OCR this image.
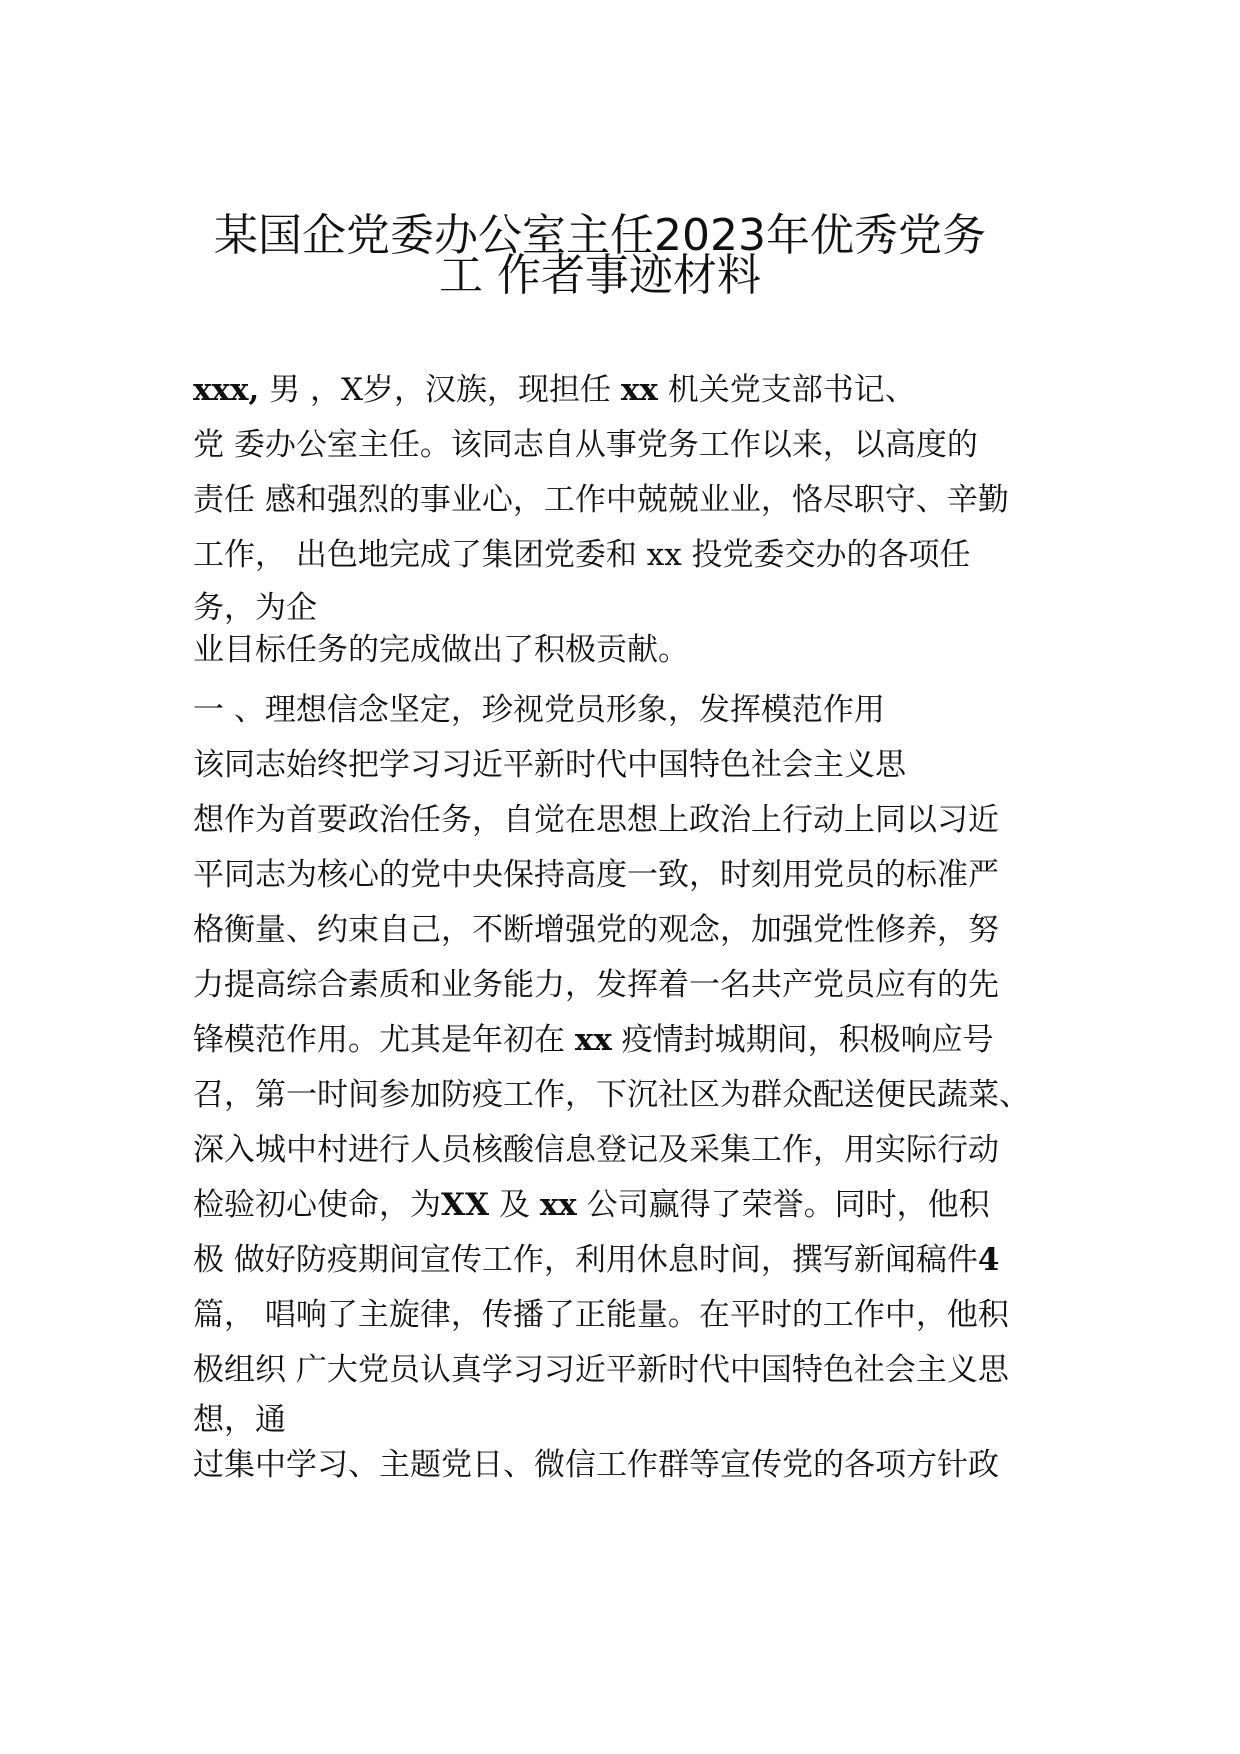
某国企党委办公室主任2023年优秀党务
工 作者事迹材料

xxx, 男 ，X岁，汉族，现担任 xx 机关党支部书记、

党 委办公室主任。该同志自从事党务工作以来，以高度的

责任 感和强烈的事业心，工作中兢兢业业，恪尽职守、辛勤

工作， 出色地完成了集团党委和 xx 投党委交办的各项任

务，为企

业目标任务的完成做出了积极贡献。

一 、理想信念坚定，珍视党员形象，发挥模范作用

该同志始终把学习习近平新时代中国特色社会主义思

想作为首要政治任务，自觉在思想上政治上行动上同以习近

平同志为核心的党中央保持高度一致，时刻用党员的标准严

格衡量、约束自己，不断增强党的观念，加强党性修养，努

力提高综合素质和业务能力，发挥着一名共产党员应有的先

锋模范作用。尤其是年初在 xx 疫情封城期间，积极响应号

召，第一时间参加防疫工作，下沉社区为群众配送便民蔬菜、

深入城中村进行人员核酸信息登记及采集工作，用实际行动

检验初心使命，为XX 及 xx 公司赢得了荣誉。同时，他积

极 做好防疫期间宣传工作，利用休息时间，撰写新闻稿件4

篇， 唱响了主旋律，传播了正能量。在平时的工作中，他积

极组织 广大党员认真学习习近平新时代中国特色社会主义思

想，通

过集中学习、主题党日、微信工作群等宣传党的各项方针政
